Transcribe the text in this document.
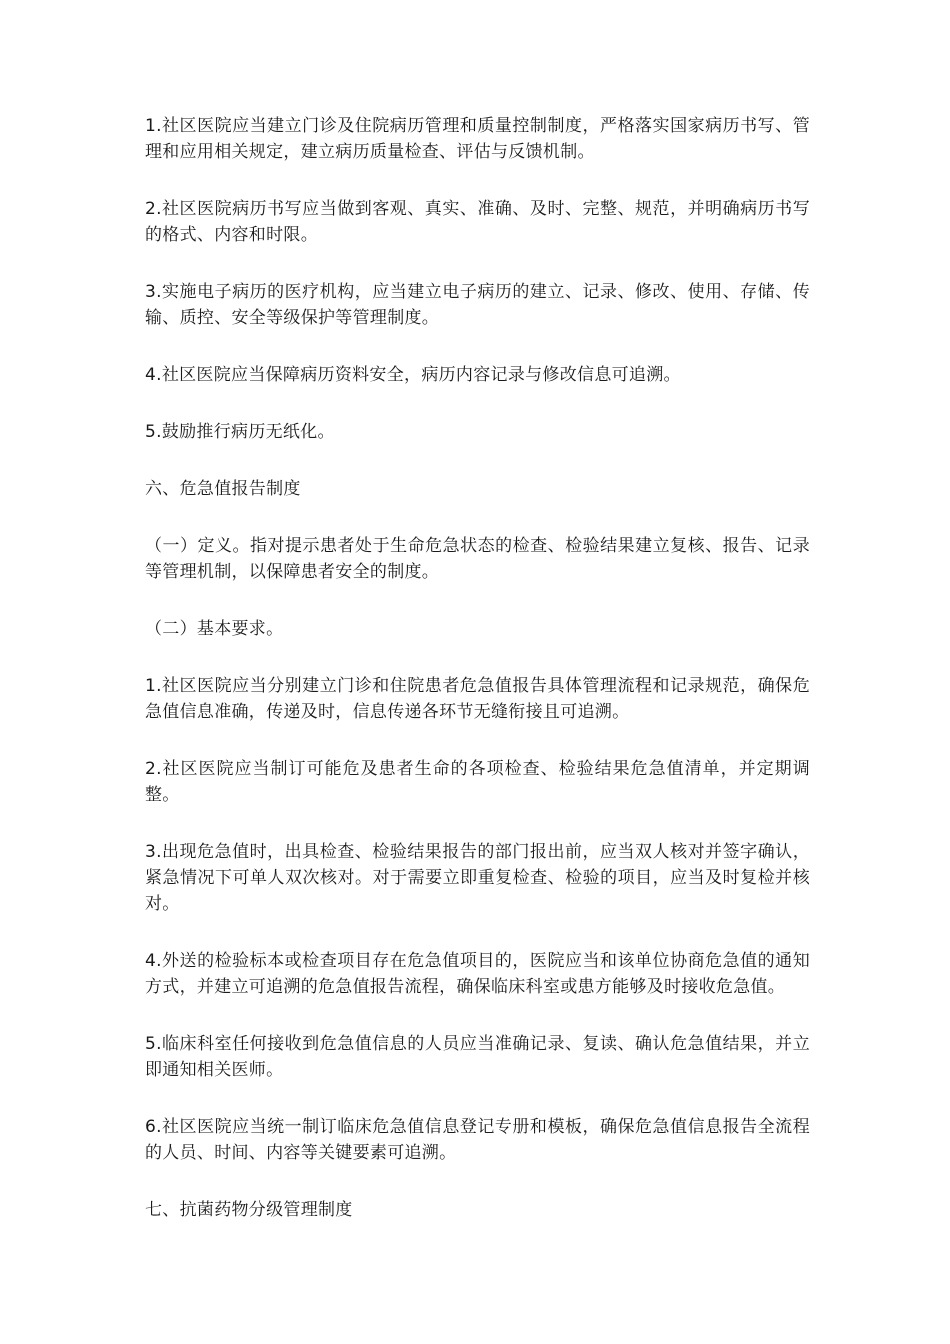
1.社区医院应当建立门诊及住院病历管理和质量控制制度，严格落实国家病历书写、管理和应用相关规定，建立病历质量检查、评估与反馈机制。

2.社区医院病历书写应当做到客观、真实、准确、及时、完整、规范，并明确病历书写的格式、内容和时限。

3.实施电子病历的医疗机构，应当建立电子病历的建立、记录、修改、使用、存储、传输、质控、安全等级保护等管理制度。

4.社区医院应当保障病历资料安全，病历内容记录与修改信息可追溯。

5.鼓励推行病历无纸化。

六、危急值报告制度

（一）定义。指对提示患者处于生命危急状态的检查、检验结果建立复核、报告、记录等管理机制，以保障患者安全的制度。

（二）基本要求。

1.社区医院应当分别建立门诊和住院患者危急值报告具体管理流程和记录规范，确保危急值信息准确，传递及时，信息传递各环节无缝衔接且可追溯。

2.社区医院应当制订可能危及患者生命的各项检查、检验结果危急值清单，并定期调整。

3.出现危急值时，出具检查、检验结果报告的部门报出前，应当双人核对并签字确认，紧急情况下可单人双次核对。对于需要立即重复检查、检验的项目，应当及时复检并核对。

4.外送的检验标本或检查项目存在危急值项目的，医院应当和该单位协商危急值的通知方式，并建立可追溯的危急值报告流程，确保临床科室或患方能够及时接收危急值。

5.临床科室任何接收到危急值信息的人员应当准确记录、复读、确认危急值结果，并立即通知相关医师。

6.社区医院应当统一制订临床危急值信息登记专册和模板，确保危急值信息报告全流程的人员、时间、内容等关键要素可追溯。

七、抗菌药物分级管理制度
